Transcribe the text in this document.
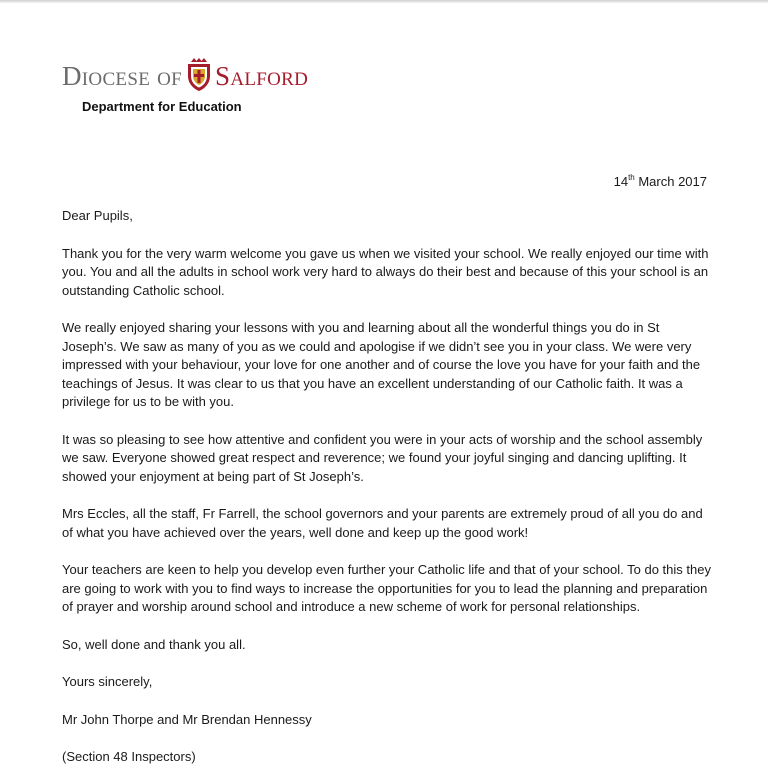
Diocese of Salford
Department for Education
14th March 2017

Dear Pupils,

Thank you for the very warm welcome you gave us when we visited your school. We really enjoyed our time with you. You and all the adults in school work very hard to always do their best and because of this your school is an outstanding Catholic school.

We really enjoyed sharing your lessons with you and learning about all the wonderful things you do in St Joseph’s. We saw as many of you as we could and apologise if we didn’t see you in your class. We were very impressed with your behaviour, your love for one another and of course the love you have for your faith and the teachings of Jesus. It was clear to us that you have an excellent understanding of our Catholic faith. It was a privilege for us to be with you.

It was so pleasing to see how attentive and confident you were in your acts of worship and the school assembly we saw. Everyone showed great respect and reverence; we found your joyful singing and dancing uplifting. It showed your enjoyment at being part of St Joseph’s.

Mrs Eccles, all the staff, Fr Farrell, the school governors and your parents are extremely proud of all you do and of what you have achieved over the years, well done and keep up the good work!

Your teachers are keen to help you develop even further your Catholic life and that of your school. To do this they are going to work with you to find ways to increase the opportunities for you to lead the planning and preparation of prayer and worship around school and introduce a new scheme of work for personal relationships.

So, well done and thank you all.

Yours sincerely,

Mr John Thorpe and Mr Brendan Hennessy

(Section 48 Inspectors)
